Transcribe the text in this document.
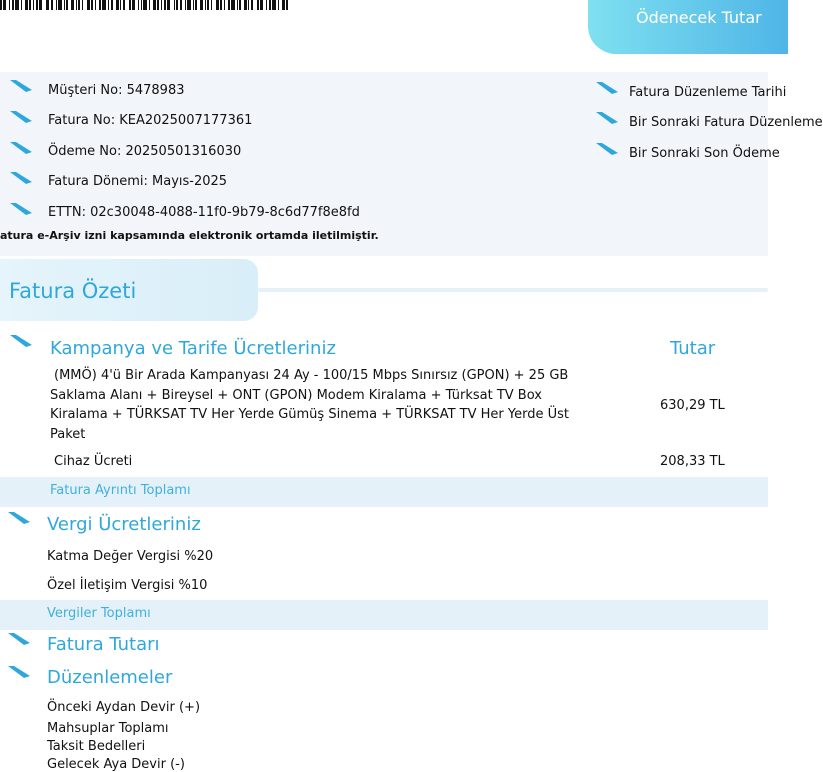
Ödenecek Tutar
Müşteri No: 5478983
Fatura No: KEA2025007177361
Ödeme No: 20250501316030
Fatura Dönemi: Mayıs-2025
ETTN: 02c30048-4088-11f0-9b79-8c6d77f8e8fd
Fatura Düzenleme Tarihi
Bir Sonraki Fatura Düzenleme
Bir Sonraki Son Ödeme
atura e-Arşiv izni kapsamında elektronik ortamda iletilmiştir.
Fatura Özeti
Kampanya ve Tarife Ücretleriniz	Tutar
(MMÖ) 4'ü Bir Arada Kampanyası 24 Ay - 100/15 Mbps Sınırsız (GPON) + 25 GB
Saklama Alanı + Bireysel + ONT (GPON) Modem Kiralama + Türksat TV Box
Kiralama + TÜRKSAT TV Her Yerde Gümüş Sinema + TÜRKSAT TV Her Yerde Üst
Paket
630,29 TL
Cihaz Ücreti	208,33 TL
Fatura Ayrıntı Toplamı
Vergi Ücretleriniz
Katma Değer Vergisi %20
Özel İletişim Vergisi %10
Vergiler Toplamı
Fatura Tutarı
Düzenlemeler
Önceki Aydan Devir (+)
Mahsuplar Toplamı
Taksit Bedelleri
Gelecek Aya Devir (-)
